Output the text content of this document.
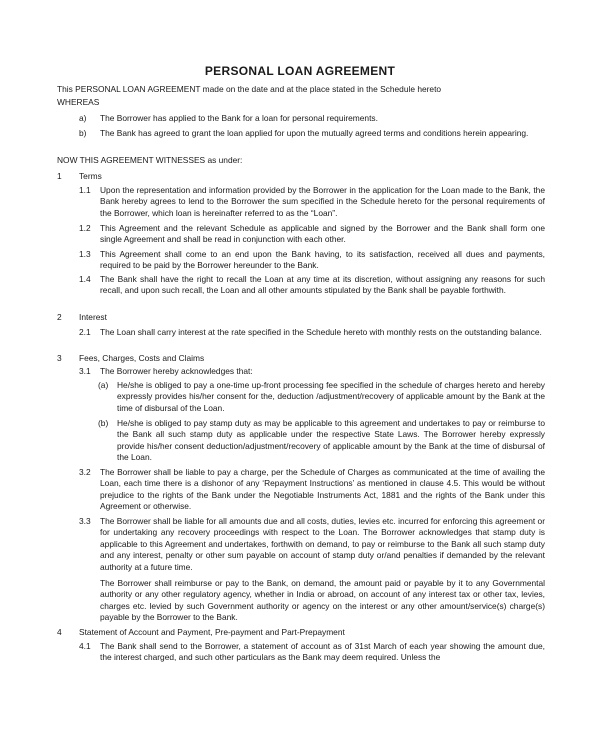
PERSONAL LOAN AGREEMENT
This PERSONAL LOAN AGREEMENT made on the date and at the place stated in the Schedule hereto
WHEREAS
a) The Borrower has applied to the Bank for a loan for personal requirements.

b) The Bank has agreed to grant the loan applied for upon the mutually agreed terms and conditions herein appearing.

NOW THIS AGREEMENT WITNESSES as under:
1 Terms
1.1 Upon the representation and information provided by the Borrower in the application for the Loan made to the Bank, the Bank hereby agrees to lend to the Borrower the sum specified in the Schedule hereto for the personal requirements of the Borrower, which loan is hereinafter referred to as the “Loan”.

1.2 This Agreement and the relevant Schedule as applicable and signed by the Borrower and the Bank shall form one single Agreement and shall be read in conjunction with each other.

1.3 This Agreement shall come to an end upon the Bank having, to its satisfaction, received all dues and payments, required to be paid by the Borrower hereunder to the Bank.

1.4 The Bank shall have the right to recall the Loan at any time at its discretion, without assigning any reasons for such recall, and upon such recall, the Loan and all other amounts stipulated by the Bank shall be payable forthwith.

2 Interest
2.1 The Loan shall carry interest at the rate specified in the Schedule hereto with monthly rests on the outstanding balance.

3 Fees, Charges, Costs and Claims
3.1 The Borrower hereby acknowledges that:

(a) He/she is obliged to pay a one-time up-front processing fee specified in the schedule of charges hereto and hereby expressly provides his/her consent for the, deduction /adjustment/recovery of applicable amount by the Bank at the time of disbursal of the Loan.

(b) He/she is obliged to pay stamp duty as may be applicable to this agreement and undertakes to pay or reimburse to the Bank all such stamp duty as applicable under the respective State Laws. The Borrower hereby expressly provide his/her consent deduction/adjustment/recovery of applicable amount by the Bank at the time of disbursal of the Loan.

3.2 The Borrower shall be liable to pay a charge, per the Schedule of Charges as communicated at the time of availing the Loan, each time there is a dishonor of any ‘Repayment Instructions’ as mentioned in clause 4.5. This would be without prejudice to the rights of the Bank under the Negotiable Instruments Act, 1881 and the rights of the Bank under this Agreement or otherwise.

3.3 The Borrower shall be liable for all amounts due and all costs, duties, levies etc. incurred for enforcing this agreement or for undertaking any recovery proceedings with respect to the Loan. The Borrower acknowledges that stamp duty is applicable to this Agreement and undertakes, forthwith on demand, to pay or reimburse to the Bank all such stamp duty and any interest, penalty or other sum payable on account of stamp duty or/and penalties if demanded by the relevant authority at a future time.

The Borrower shall reimburse or pay to the Bank, on demand, the amount paid or payable by it to any Governmental authority or any other regulatory agency, whether in India or abroad, on account of any interest tax or other tax, levies, charges etc. levied by such Government authority or agency on the interest or any other amount/service(s) charge(s) payable by the Borrower to the Bank.

4 Statement of Account and Payment, Pre-payment and Part-Prepayment
4.1 The Bank shall send to the Borrower, a statement of account as of 31st March of each year showing the amount due, the interest charged, and such other particulars as the Bank may deem required. Unless the
